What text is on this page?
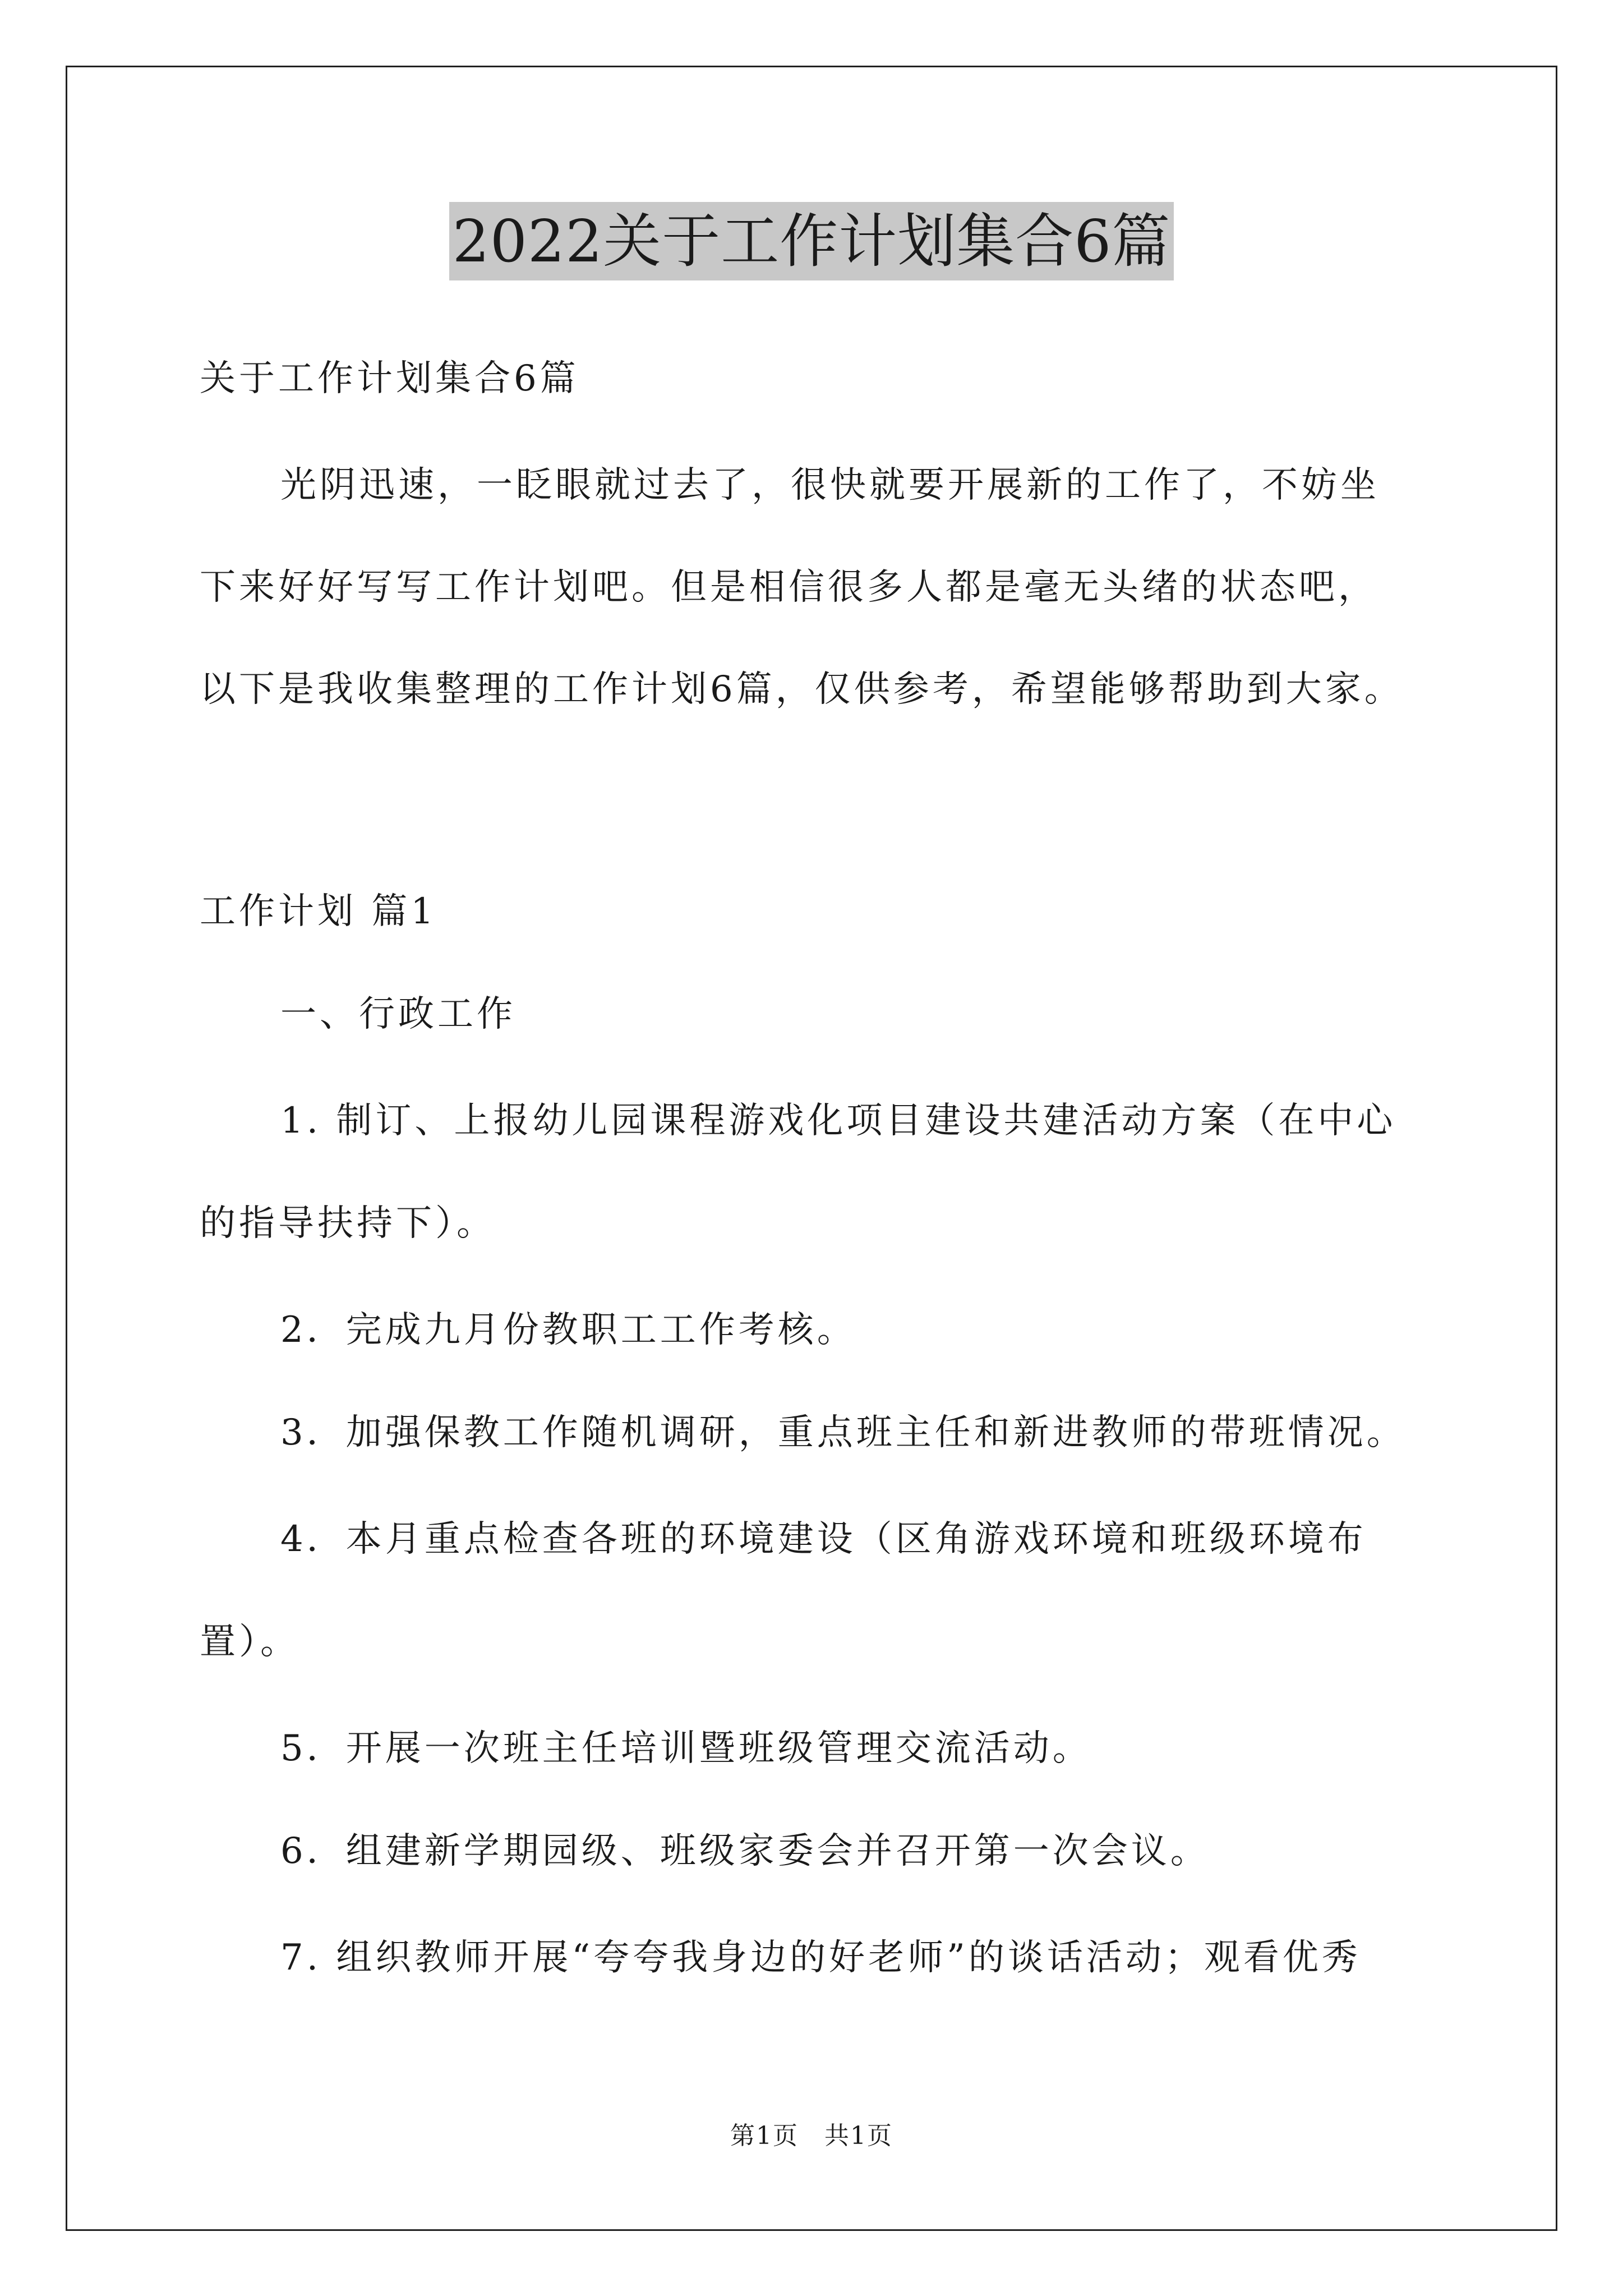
2022关于工作计划集合6篇
关于工作计划集合6篇
光阴迅速，一眨眼就过去了，很快就要开展新的工作了，不妨坐
下来好好写写工作计划吧。但是相信很多人都是毫无头绪的状态吧，
以下是我收集整理的工作计划6篇，仅供参考，希望能够帮助到大家。
工作计划 篇1
一、行政工作
1. 制订、上报幼儿园课程游戏化项目建设共建活动方案（在中心
的指导扶持下）。
2．完成九月份教职工工作考核。
3．加强保教工作随机调研，重点班主任和新进教师的带班情况。
4．本月重点检查各班的环境建设（区角游戏环境和班级环境布
置）。
5．开展一次班主任培训暨班级管理交流活动。
6．组建新学期园级、班级家委会并召开第一次会议。
7. 组织教师开展“夸夸我身边的好老师”的谈话活动；观看优秀
第1页　共1页
